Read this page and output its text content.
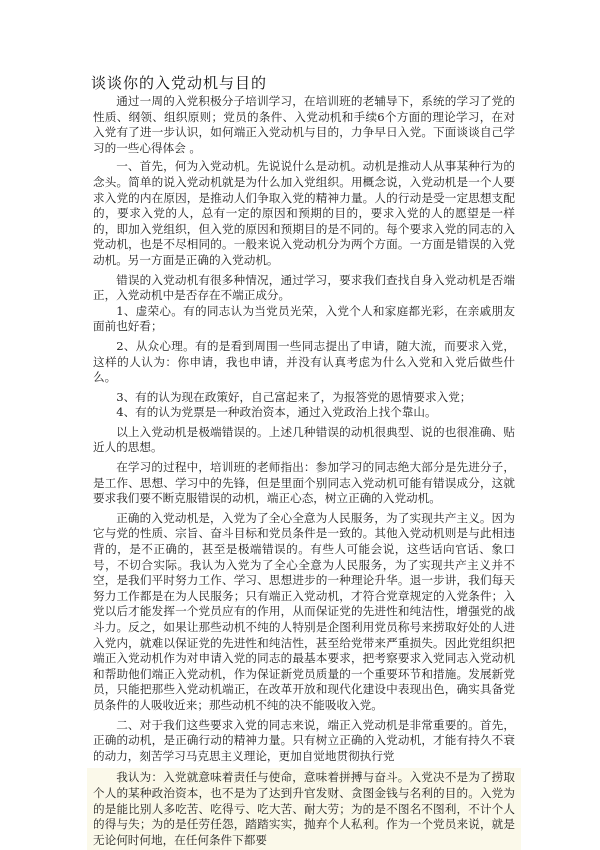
谈谈你的入党动机与目的

通过一周的入党积极分子培训学习，在培训班的老辅导下，系统的学习了党的性质、纲领、组织原则；党员的条件、入党动机和手续6个方面的理论学习，在对入党有了进一步认识，如何端正入党动机与目的，力争早日入党。下面谈谈自己学习的一些心得体会 。

一、首先，何为入党动机。先说说什么是动机。动机是推动人从事某种行为的念头。简单的说入党动机就是为什么加入党组织。用概念说，入党动机是一个人要求入党的内在原因，是推动人们争取入党的精神力量。人的行动是受一定思想支配的，要求入党的人，总有一定的原因和预期的目的，要求入党的人的愿望是一样的，即加入党组织，但入党的原因和预期目的是不同的。每个要求入党的同志的入党动机，也是不尽相同的。一般来说入党动机分为两个方面。一方面是错误的入党动机。另一方面是正确的入党动机。

错误的入党动机有很多种情况，通过学习，要求我们查找自身入党动机是否端正，入党动机中是否存在不端正成分。

1、虚荣心。有的同志认为当党员光荣，入党个人和家庭都光彩，在亲戚朋友面前也好看；

2、从众心理。有的是看到周围一些同志提出了申请，随大流，而要求入党，这样的人认为：你申请，我也申请，并没有认真考虑为什么入党和入党后做些什么。

3、有的认为现在政策好，自己富起来了，为报答党的恩情要求入党；

4、有的认为党票是一种政治资本，通过入党政治上找个靠山。

以上入党动机是极端错误的。上述几种错误的动机很典型、说的也很准确、贴近人的思想。

在学习的过程中，培训班的老师指出：参加学习的同志绝大部分是先进分子，是工作、思想、学习中的先锋，但是里面个别同志入党动机可能有错误成分，这就要求我们要不断克服错误的动机，端正心态，树立正确的入党动机。

正确的入党动机是，入党为了全心全意为人民服务，为了实现共产主义。因为它与党的性质、宗旨、奋斗目标和党员条件是一致的。其他入党动机则是与此相违背的，是不正确的，甚至是极端错误的。有些人可能会说，这些话向官话、象口号，不切合实际。我认为入党为了全心全意为人民服务，为了实现共产主义并不空，是我们平时努力工作、学习、思想进步的一种理论升华。退一步讲，我们每天努力工作都是在为人民服务；只有端正入党动机，才符合党章规定的入党条件；入党以后才能发挥一个党员应有的作用，从而保证党的先进性和纯洁性，增强党的战斗力。反之，如果让那些动机不纯的人特别是企图利用党员称号来捞取好处的人进入党内，就难以保证党的先进性和纯洁性，甚至给党带来严重损失。因此党组织把端正入党动机作为对申请入党的同志的最基本要求，把考察要求入党同志入党动机和帮助他们端正入党动机，作为保证新党员质量的一个重要环节和措施。发展新党员，只能把那些入党动机端正，在改革开放和现代化建设中表现出色，确实具备党员条件的人吸收近来；那些动机不纯的决不能吸收入党。

二、对于我们这些要求入党的同志来说，端正入党动机是非常重要的。首先，正确的动机，是正确行动的精神力量。只有树立正确的入党动机，才能有持久不衰的动力，刻苦学习马克思主义理论，更加自觉地贯彻执行党

我认为：入党就意味着责任与使命，意味着拼搏与奋斗。入党决不是为了捞取个人的某种政治资本，也不是为了达到升官发财、贪图金钱与名利的目的。入党为的是能比别人多吃苦、吃得亏、吃大苦、耐大劳；为的是不图名不图利，不计个人的得与失；为的是任劳任怨，踏踏实实，抛弃个人私利。作为一个党员来说，就是无论何时何地，在任何条件下都要
